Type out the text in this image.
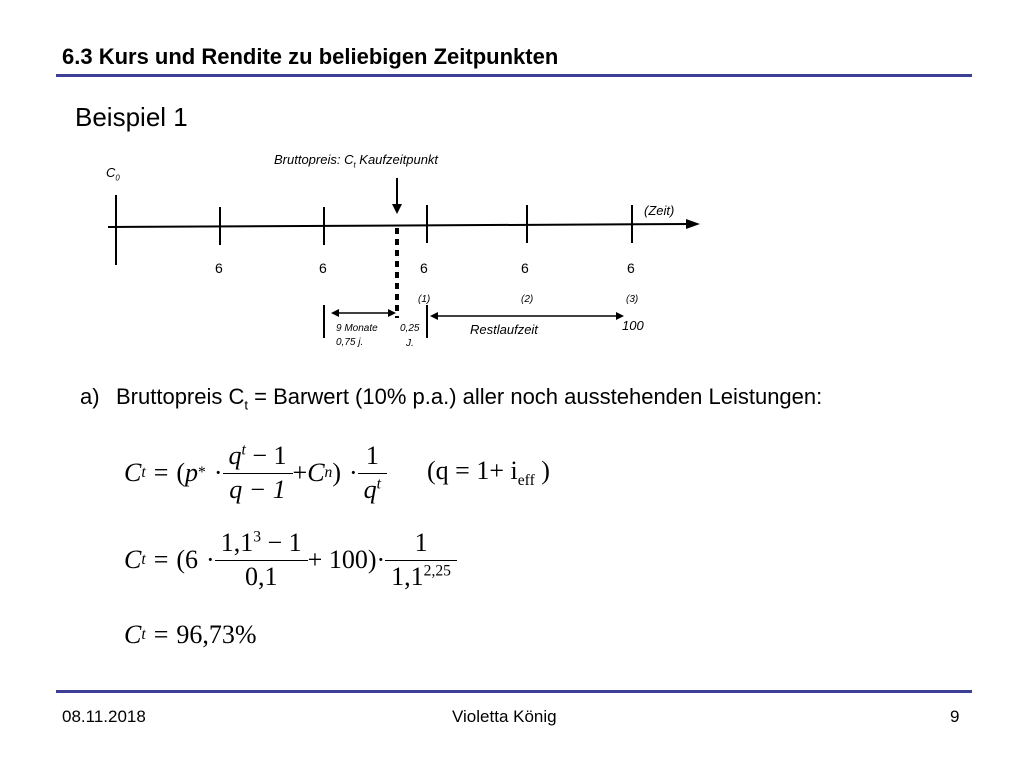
6.3 Kurs und Rendite zu beliebigen Zeitpunkten
Beispiel 1
$C_0$
Bruttopreis: $C_t$ Kaufzeitpunkt
(Zeit)
6	6	6	6	6
(1)	(2)	(3)
9 Monate
0,75 j.
0,25
J.
Restlaufzeit	100
a) Bruttopreis $C_t$ = Barwert (10% p.a.) aller noch ausstehenden Leistungen:
C t = ( p * · $\frac{q^t - 1}{q - 1} + C$ n ) · $\frac{1}{q^t} (q = 1+ i_{eff}$ )
C $t = (6 \cdot \frac{1,1^3 - 1}{0,1} + 100) \cdot \frac{1}{1,1^{2,25}}$
C t = 96,73%
08.11.2018	Violetta König	9
